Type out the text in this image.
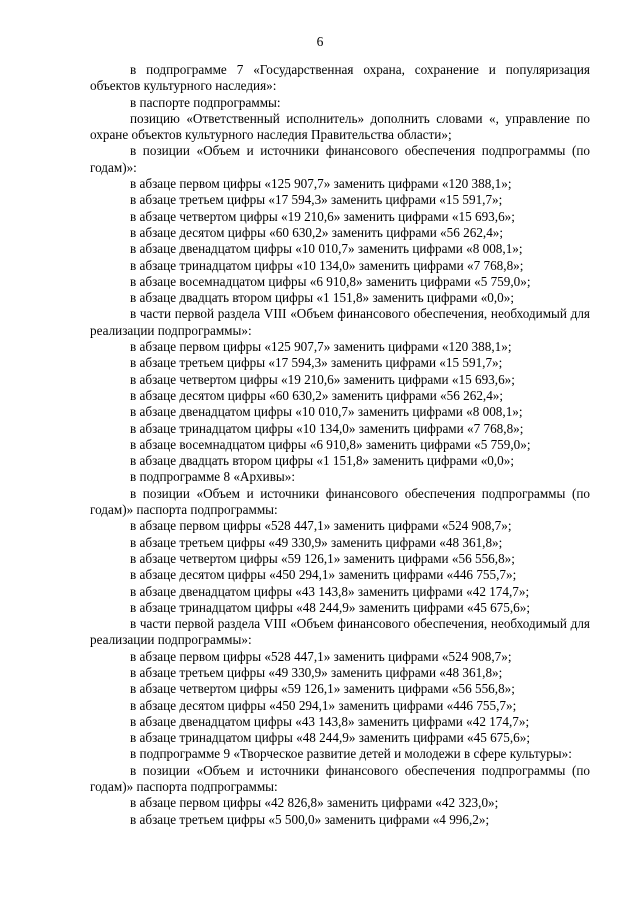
6

в подпрограмме 7 «Государственная охрана, сохранение и популяризация объектов культурного наследия»:

в паспорте подпрограммы:

позицию «Ответственный исполнитель» дополнить словами «, управление по охране объектов культурного наследия Правительства области»;

в позиции «Объем и источники финансового обеспечения подпрограммы (по годам)»:

в абзаце первом цифры «125 907,7» заменить цифрами «120 388,1»;

в абзаце третьем цифры «17 594,3» заменить цифрами «15 591,7»;

в абзаце четвертом цифры «19 210,6» заменить цифрами «15 693,6»;

в абзаце десятом цифры «60 630,2» заменить цифрами «56 262,4»;

в абзаце двенадцатом цифры «10 010,7» заменить цифрами «8 008,1»;

в абзаце тринадцатом цифры «10 134,0» заменить цифрами «7 768,8»;

в абзаце восемнадцатом цифры «6 910,8» заменить цифрами «5 759,0»;

в абзаце двадцать втором цифры «1 151,8» заменить цифрами «0,0»;

в части первой раздела VIII «Объем финансового обеспечения, необходимый для реализации подпрограммы»:

в абзаце первом цифры «125 907,7» заменить цифрами «120 388,1»;

в абзаце третьем цифры «17 594,3» заменить цифрами «15 591,7»;

в абзаце четвертом цифры «19 210,6» заменить цифрами «15 693,6»;

в абзаце десятом цифры «60 630,2» заменить цифрами «56 262,4»;

в абзаце двенадцатом цифры «10 010,7» заменить цифрами «8 008,1»;

в абзаце тринадцатом цифры «10 134,0» заменить цифрами «7 768,8»;

в абзаце восемнадцатом цифры «6 910,8» заменить цифрами «5 759,0»;

в абзаце двадцать втором цифры «1 151,8» заменить цифрами «0,0»;

в подпрограмме 8 «Архивы»:

в позиции «Объем и источники финансового обеспечения подпрограммы (по годам)» паспорта подпрограммы:

в абзаце первом цифры «528 447,1» заменить цифрами «524 908,7»;

в абзаце третьем цифры «49 330,9» заменить цифрами «48 361,8»;

в абзаце четвертом цифры «59 126,1» заменить цифрами «56 556,8»;

в абзаце десятом цифры «450 294,1» заменить цифрами «446 755,7»;

в абзаце двенадцатом цифры «43 143,8» заменить цифрами «42 174,7»;

в абзаце тринадцатом цифры «48 244,9» заменить цифрами «45 675,6»;

в части первой раздела VIII «Объем финансового обеспечения, необходимый для реализации подпрограммы»:

в абзаце первом цифры «528 447,1» заменить цифрами «524 908,7»;

в абзаце третьем цифры «49 330,9» заменить цифрами «48 361,8»;

в абзаце четвертом цифры «59 126,1» заменить цифрами «56 556,8»;

в абзаце десятом цифры «450 294,1» заменить цифрами «446 755,7»;

в абзаце двенадцатом цифры «43 143,8» заменить цифрами «42 174,7»;

в абзаце тринадцатом цифры «48 244,9» заменить цифрами «45 675,6»;

в подпрограмме 9 «Творческое развитие детей и молодежи в сфере культуры»:

в позиции «Объем и источники финансового обеспечения подпрограммы (по годам)» паспорта подпрограммы:

в абзаце первом цифры «42 826,8» заменить цифрами «42 323,0»;

в абзаце третьем цифры «5 500,0» заменить цифрами «4 996,2»;
